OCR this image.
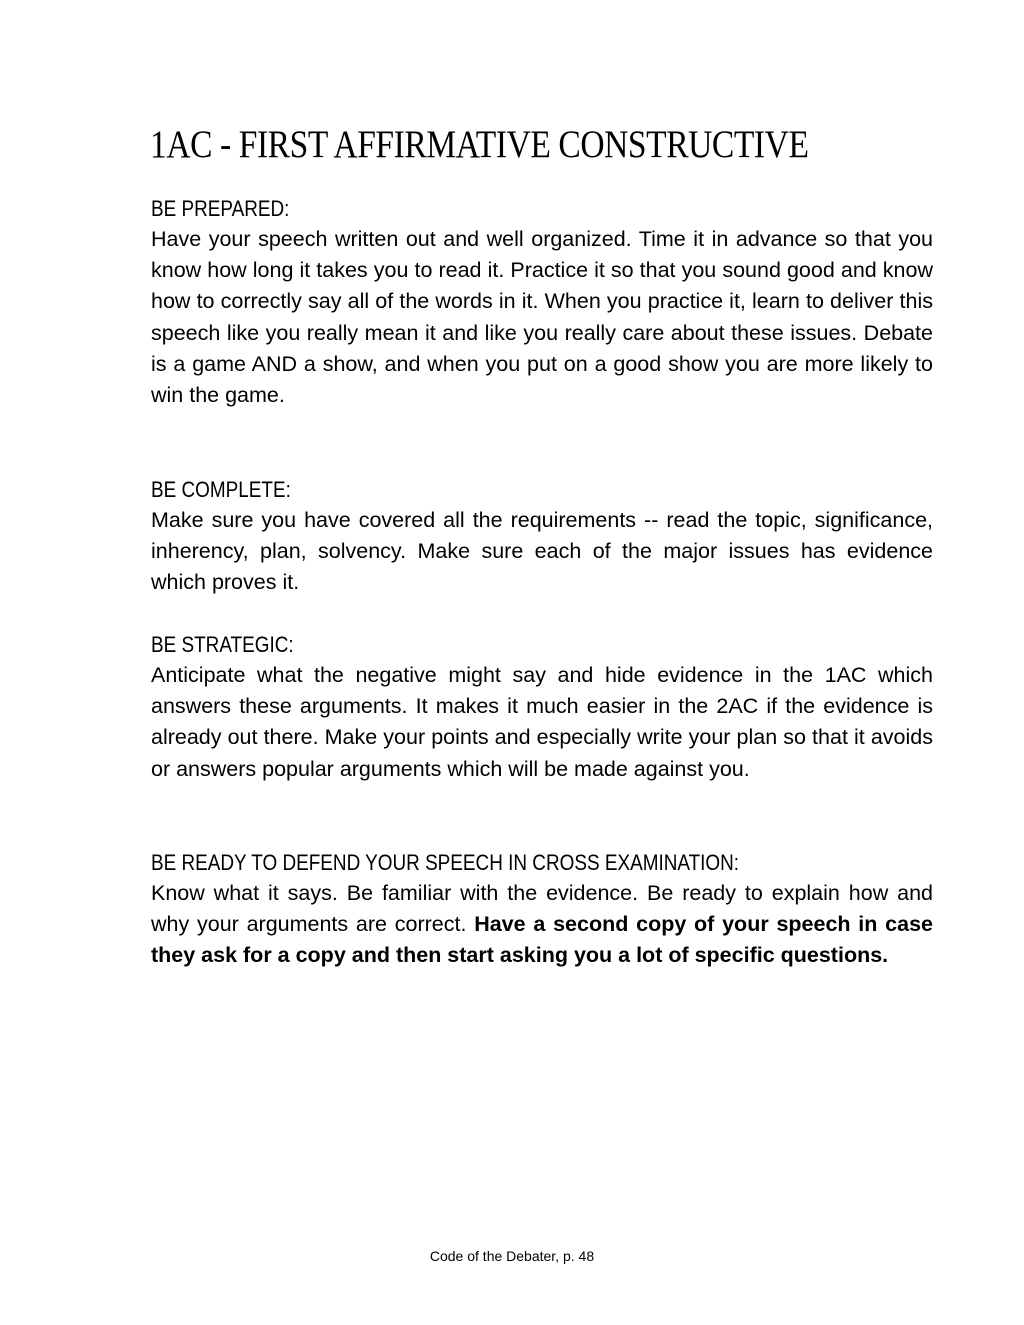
1AC - FIRST AFFIRMATIVE CONSTRUCTIVE
BE PREPARED:

Have your speech written out and well organized. Time it in advance so that you know how long it takes you to read it. Practice it so that you sound good and know how to correctly say all of the words in it. When you practice it, learn to deliver this speech like you really mean it and like you really care about these issues. Debate is a game AND a show, and when you put on a good show you are more likely to win the game.

BE COMPLETE:

Make sure you have covered all the requirements -- read the topic, significance, inherency, plan, solvency. Make sure each of the major issues has evidence which proves it.

BE STRATEGIC:

Anticipate what the negative might say and hide evidence in the 1AC which answers these arguments. It makes it much easier in the 2AC if the evidence is already out there. Make your points and especially write your plan so that it avoids or answers popular arguments which will be made against you.

BE READY TO DEFEND YOUR SPEECH IN CROSS EXAMINATION:

Know what it says. Be familiar with the evidence. Be ready to explain how and why your arguments are correct. Have a second copy of your speech in case they ask for a copy and then start asking you a lot of specific questions.

Code of the Debater, p. 48
